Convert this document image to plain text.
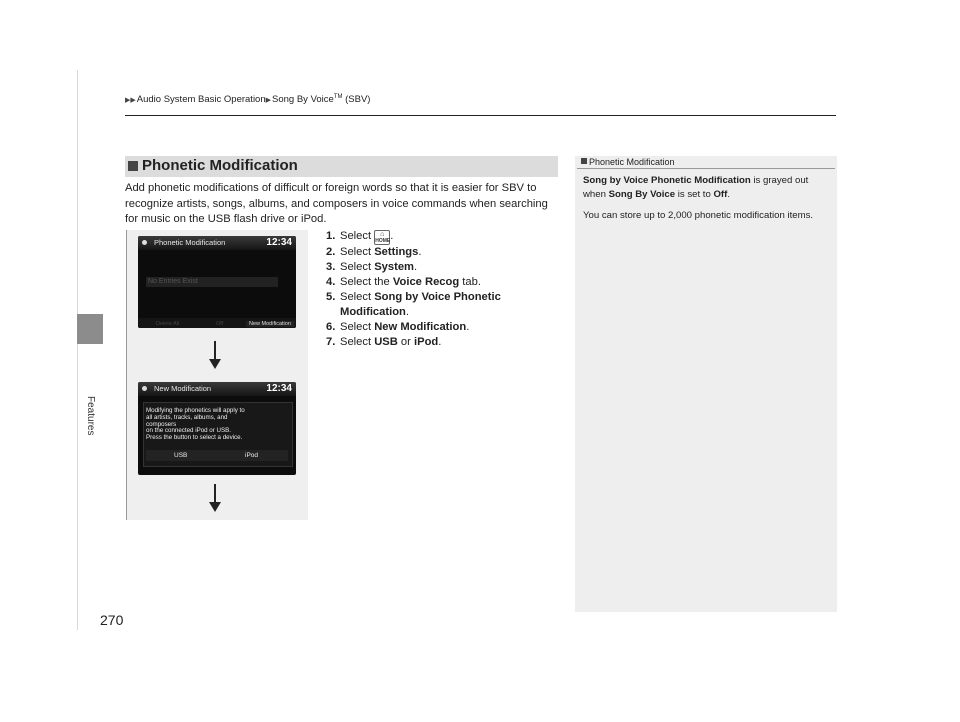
▶▶Audio System Basic Operation▶Song By Voice™ (SBV)
Features
270
Phonetic Modification
Add phonetic modifications of difficult or foreign words so that it is easier for SBV to recognize artists, songs, albums, and composers in voice commands when searching for music on the USB flash drive or iPod.
Phonetic Modification	12:34
No Entries Exist
Delete All	Off	New Modification
New Modification	12:34
Modifying the phonetics will apply to
all artists, tracks, albums, and
composers
on the connected iPod or USB.
Press the button to select a device.
USB	iPod
1. Select ⌂
HOME.
2. Select Settings.
3. Select System.
4. Select the Voice Recog tab.
5. Select Song by Voice Phonetic Modification.
6. Select New Modification.
7. Select USB or iPod.
Phonetic Modification

Song by Voice Phonetic Modification is grayed out when Song By Voice is set to Off.

You can store up to 2,000 phonetic modification items.
